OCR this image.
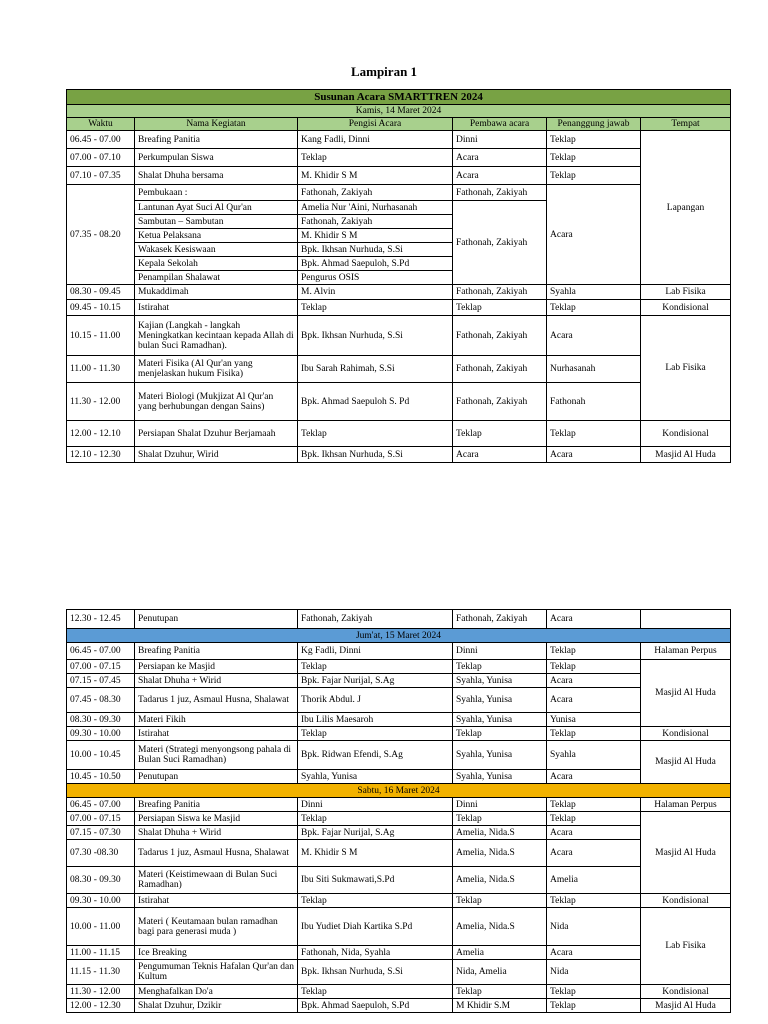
Lampiran 1
Susunan Acara SMARTTREN 2024					
Kamis, 14 Maret 2024					
Waktu	Nama Kegiatan	Pengisi Acara	Pembawa acara	Penanggung jawab	Tempat
06.45 - 07.00	Breafing Panitia	Kang Fadli, Dinni	Dinni	Teklap	Lapangan
07.00 - 07.10	Perkumpulan Siswa	Teklap	Acara	Teklap	
07.10 - 07.35	Shalat Dhuha bersama	M. Khidir S M	Acara	Teklap	
07.35 - 08.20	Pembukaan :	Fathonah, Zakiyah	Fathonah, Zakiyah	Acara	
	Lantunan Ayat Suci Al Qur'an	Amelia Nur 'Aini, Nurhasanah	Fathonah, Zakiyah		
	Sambutan – Sambutan	Fathonah, Zakiyah			
	Ketua Pelaksana	M. Khidir S M			
	Wakasek Kesiswaan	Bpk. Ikhsan Nurhuda, S.Si			
	Kepala Sekolah	Bpk. Ahmad Saepuloh, S.Pd			
	Penampilan Shalawat	Pengurus OSIS			
08.30 - 09.45	Mukaddimah	M. Alvin	Fathonah, Zakiyah	Syahla	Lab Fisika
09.45 - 10.15	Istirahat	Teklap	Teklap	Teklap	Kondisional
10.15 - 11.00	Kajian (Langkah - langkah Meningkatkan kecintaan kepada Allah di bulan Suci Ramadhan).	Bpk. Ikhsan Nurhuda, S.Si	Fathonah, Zakiyah	Acara	Lab Fisika
11.00 - 11.30	Materi Fisika (Al Qur'an yang menjelaskan hukum Fisika)	Ibu Sarah Rahimah, S.Si	Fathonah, Zakiyah	Nurhasanah	
11.30 - 12.00	Materi Biologi (Mukjizat Al Qur'an yang berhubungan dengan Sains)	Bpk. Ahmad Saepuloh S. Pd	Fathonah, Zakiyah	Fathonah	
12.00 - 12.10	Persiapan Shalat Dzuhur Berjamaah	Teklap	Teklap	Teklap	Kondisional
12.10 - 12.30	Shalat Dzuhur, Wirid	Bpk. Ikhsan Nurhuda, S.Si	Acara	Acara	Masjid Al Huda
12.30 - 12.45	Penutupan	Fathonah, Zakiyah	Fathonah, Zakiyah	Acara	
Jum'at, 15 Maret 2024					
06.45 - 07.00	Breafing Panitia	Kg Fadli, Dinni	Dinni	Teklap	Halaman Perpus
07.00 - 07.15	Persiapan ke Masjid	Teklap	Teklap	Teklap	Masjid Al Huda
07.15 - 07.45	Shalat Dhuha + Wirid	Bpk. Fajar Nurijal, S.Ag	Syahla, Yunisa	Acara	
07.45 - 08.30	Tadarus 1 juz, Asmaul Husna, Shalawat	Thorik Abdul. J	Syahla, Yunisa	Acara	
08.30 - 09.30	Materi Fikih	Ibu Lilis Maesaroh	Syahla, Yunisa	Yunisa	
09.30 - 10.00	Istirahat	Teklap	Teklap	Teklap	Kondisional
10.00 - 10.45	Materi (Strategi menyongsong pahala di Bulan Suci Ramadhan)	Bpk. Ridwan Efendi, S.Ag	Syahla, Yunisa	Syahla	Masjid Al Huda
10.45 - 10.50	Penutupan	Syahla, Yunisa	Syahla, Yunisa	Acara	
Sabtu, 16 Maret 2024					
06.45 - 07.00	Breafing Panitia	Dinni	Dinni	Teklap	Halaman Perpus
07.00 - 07.15	Persiapan Siswa ke Masjid	Teklap	Teklap	Teklap	Masjid Al Huda
07.15 - 07.30	Shalat Dhuha + Wirid	Bpk. Fajar Nurijal, S.Ag	Amelia, Nida.S	Acara	
07.30 -08.30	Tadarus 1 juz, Asmaul Husna, Shalawat	M. Khidir S M	Amelia, Nida.S	Acara	
08.30 - 09.30	Materi (Keistimewaan di Bulan Suci Ramadhan)	Ibu Siti Sukmawati,S.Pd	Amelia, Nida.S	Amelia	
09.30 - 10.00	Istirahat	Teklap	Teklap	Teklap	Kondisional
10.00 - 11.00	Materi ( Keutamaan bulan ramadhan bagi para generasi muda )	Ibu Yudiet Diah Kartika S.Pd	Amelia, Nida.S	Nida	Lab Fisika
11.00 - 11.15	Ice Breaking	Fathonah, Nida, Syahla	Amelia	Acara	
11.15 - 11.30	Pengumuman Teknis Hafalan Qur'an dan Kultum	Bpk. Ikhsan Nurhuda, S.Si	Nida, Amelia	Nida	
11.30 - 12.00	Menghafalkan Do'a	Teklap	Teklap	Teklap	Kondisional
12.00 - 12.30	Shalat Dzuhur, Dzikir	Bpk. Ahmad Saepuloh, S.Pd	M Khidir S.M	Teklap	Masjid Al Huda
